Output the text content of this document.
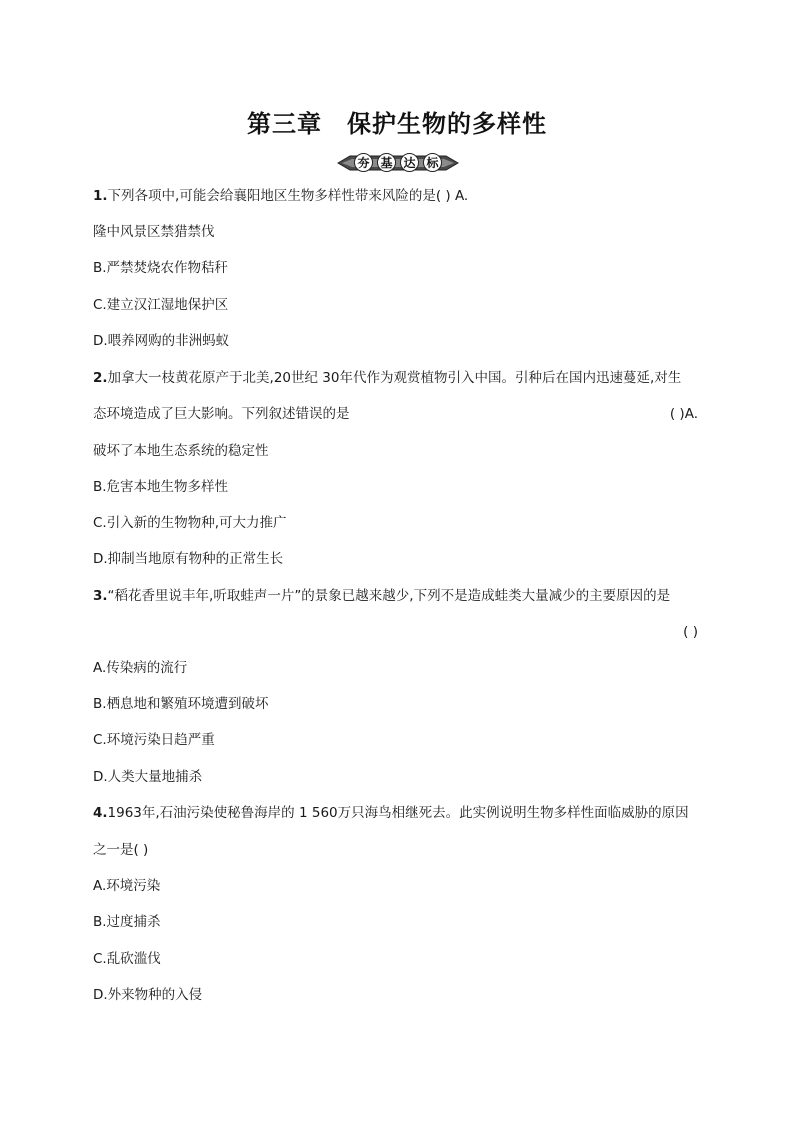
第三章　保护生物的多样性
夯 基 达 标
1.下列各项中,可能会给襄阳地区生物多样性带来风险的是( ) A.
隆中风景区禁猎禁伐
B.严禁焚烧农作物秸秆
C.建立汉江湿地保护区
D.喂养网购的非洲蚂蚁
2.加拿大一枝黄花原产于北美,20世纪 30年代作为观赏植物引入中国。引种后在国内迅速蔓延,对生
态环境造成了巨大影响。下列叙述错误的是	( )A.
破坏了本地生态系统的稳定性
B.危害本地生物多样性
C.引入新的生物物种,可大力推广
D.抑制当地原有物种的正常生长
3.“稻花香里说丰年,听取蛙声一片”的景象已越来越少,下列不是造成蛙类大量减少的主要原因的是
( )
A.传染病的流行
B.栖息地和繁殖环境遭到破坏
C.环境污染日趋严重
D.人类大量地捕杀
4.1963年,石油污染使秘鲁海岸的 1 560万只海鸟相继死去。此实例说明生物多样性面临威胁的原因
之一是( )
A.环境污染
B.过度捕杀
C.乱砍滥伐
D.外来物种的入侵
